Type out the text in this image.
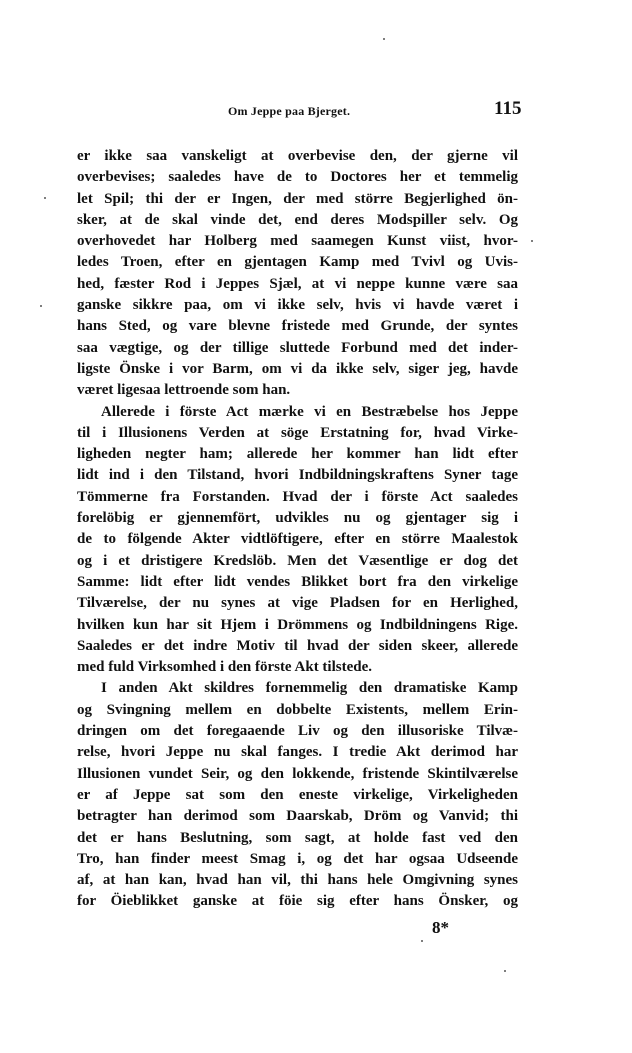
Om Jeppe paa Bjerget.	115
er ikke saa vanskeligt at overbevise den, der gjerne vil
overbevises; saaledes have de to Doctores her et temmelig
let Spil; thi der er Ingen, der med större Begjerlighed ön-
sker, at de skal vinde det, end deres Modspiller selv. Og
overhovedet har Holberg med saamegen Kunst viist, hvor-
ledes Troen, efter en gjentagen Kamp med Tvivl og Uvis-
hed, fæster Rod i Jeppes Sjæl, at vi neppe kunne være saa
ganske sikkre paa, om vi ikke selv, hvis vi havde været i
hans Sted, og vare blevne fristede med Grunde, der syntes
saa vægtige, og der tillige sluttede Forbund med det inder-
ligste Önske i vor Barm, om vi da ikke selv, siger jeg, havde
været ligesaa lettroende som han.
Allerede i förste Act mærke vi en Bestræbelse hos Jeppe
til i Illusionens Verden at söge Erstatning for, hvad Virke-
ligheden negter ham; allerede her kommer han lidt efter
lidt ind i den Tilstand, hvori Indbildningskraftens Syner tage
Tömmerne fra Forstanden. Hvad der i förste Act saaledes
forelöbig er gjennemfört, udvikles nu og gjentager sig i
de to fölgende Akter vidtlöftigere, efter en större Maalestok
og i et dristigere Kredslöb. Men det Væsentlige er dog det
Samme: lidt efter lidt vendes Blikket bort fra den virkelige
Tilværelse, der nu synes at vige Pladsen for en Herlighed,
hvilken kun har sit Hjem i Drömmens og Indbildningens Rige.
Saaledes er det indre Motiv til hvad der siden skeer, allerede
med fuld Virksomhed i den förste Akt tilstede.
I anden Akt skildres fornemmelig den dramatiske Kamp
og Svingning mellem en dobbelte Existents, mellem Erin-
dringen om det foregaaende Liv og den illusoriske Tilvæ-
relse, hvori Jeppe nu skal fanges. I tredie Akt derimod har
Illusionen vundet Seir, og den lokkende, fristende Skintilværelse
er af Jeppe sat som den eneste virkelige, Virkeligheden
betragter han derimod som Daarskab, Dröm og Vanvid; thi
det er hans Beslutning, som sagt, at holde fast ved den
Tro, han finder meest Smag i, og det har ogsaa Udseende
af, at han kan, hvad han vil, thi hans hele Omgivning synes
for Öieblikket ganske at föie sig efter hans Önsker, og
8*
